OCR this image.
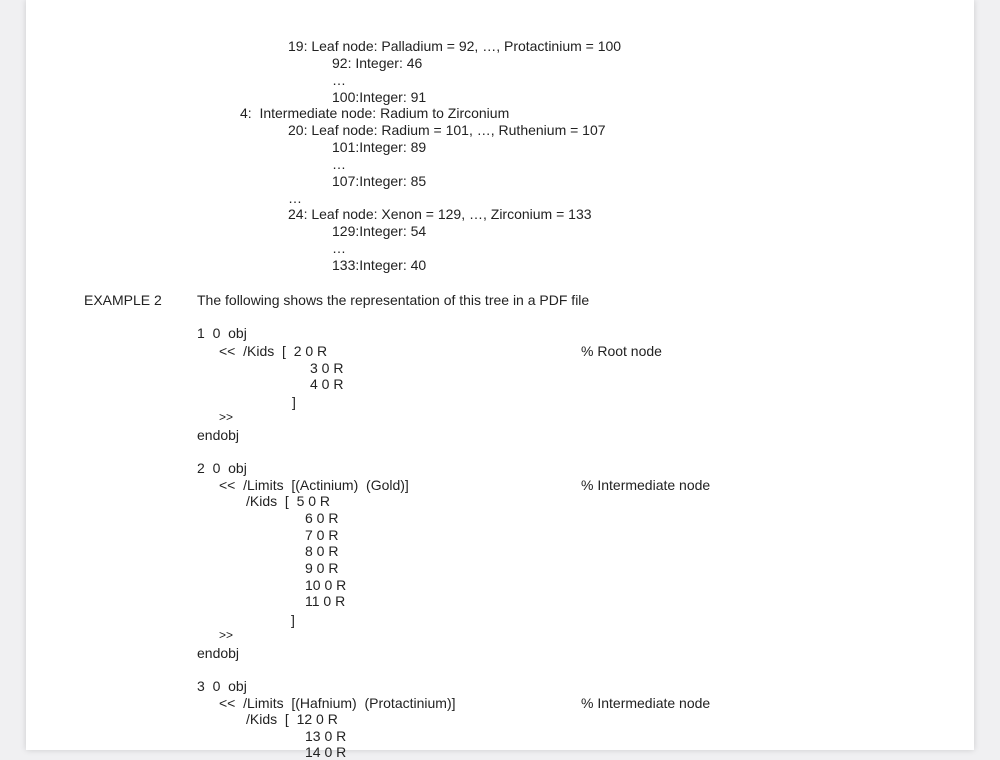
19: Leaf node: Palladium = 92, …, Protactinium = 100
92: Integer: 46
…
100:Integer: 91
4:  Intermediate node: Radium to Zirconium
20: Leaf node: Radium = 101, …, Ruthenium = 107
101:Integer: 89
…
107:Integer: 85
…
24: Leaf node: Xenon = 129, …, Zirconium = 133
129:Integer: 54
…
133:Integer: 40
EXAMPLE 2	The following shows the representation of this tree in a PDF file
1  0  obj
<<  /Kids  [  2 0 R	% Root node
3 0 R
4 0 R
]
>>
endobj
2  0  obj
<<  /Limits  [(Actinium)  (Gold)]	% Intermediate node
/Kids  [  5 0 R
6 0 R
7 0 R
8 0 R
9 0 R
10 0 R
11 0 R
]
>>
endobj
3  0  obj
<<  /Limits  [(Hafnium)  (Protactinium)]	% Intermediate node
/Kids  [  12 0 R
13 0 R
14 0 R
